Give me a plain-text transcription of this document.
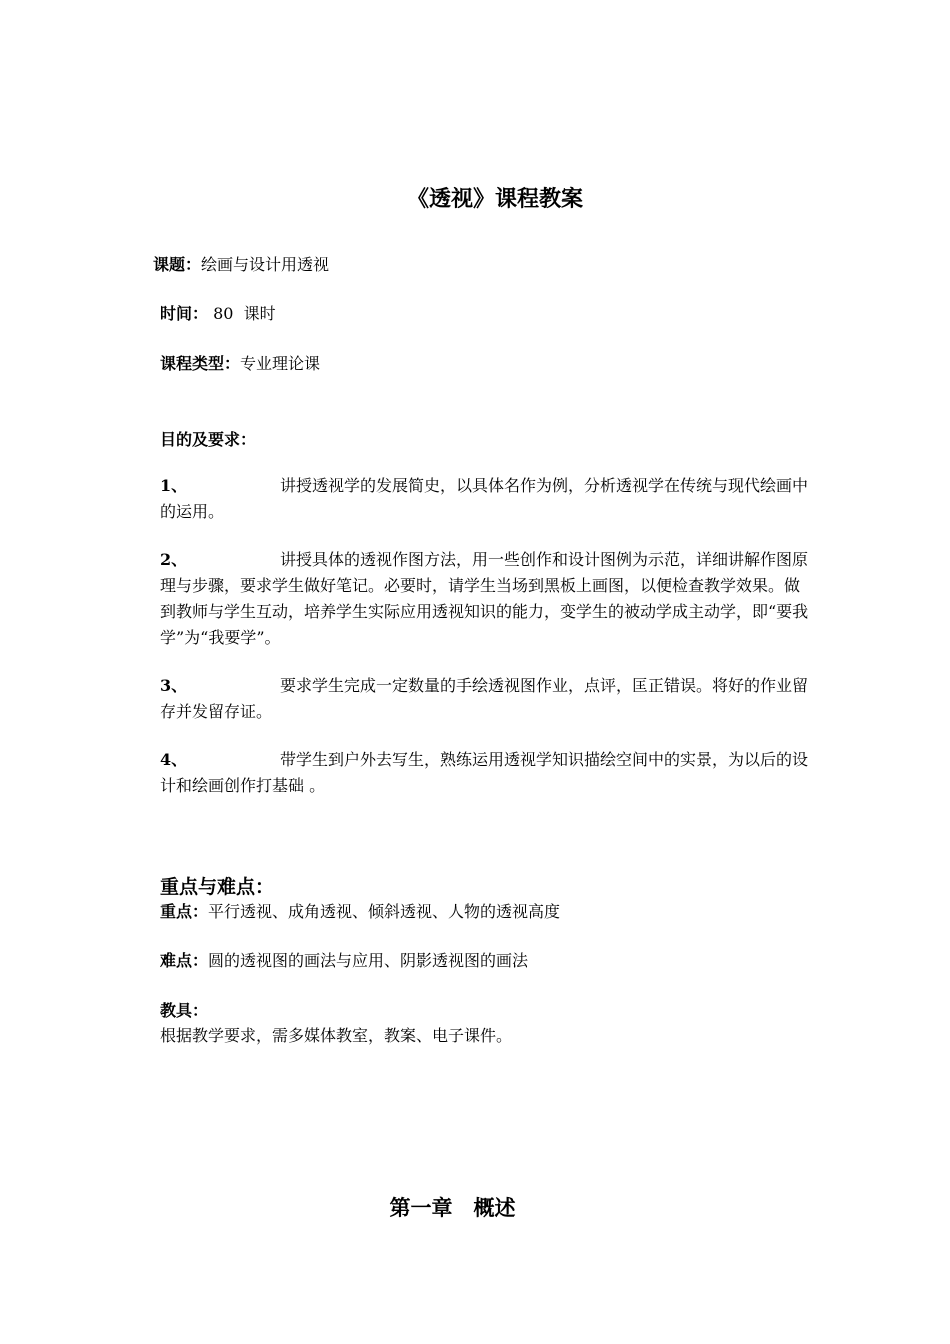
《透视》课程教案
课题：绘画与设计用透视
时间： 80  课时
课程类型：专业理论课
目的及要求：
1、	讲授透视学的发展简史，以具体名作为例，分析透视学在传统与现代绘画中的运用。
2、	讲授具体的透视作图方法，用一些创作和设计图例为示范，详细讲解作图原理与步骤，要求学生做好笔记。必要时，请学生当场到黑板上画图，以便检查教学效果。做到教师与学生互动，培养学生实际应用透视知识的能力，变学生的被动学成主动学，即“要我学”为“我要学”。
3、	要求学生完成一定数量的手绘透视图作业，点评，匡正错误。将好的作业留存并发留存证。
4、	带学生到户外去写生，熟练运用透视学知识描绘空间中的实景，为以后的设计和绘画创作打基础 。
重点与难点：
重点：平行透视、成角透视、倾斜透视、人物的透视高度
难点：圆的透视图的画法与应用、阴影透视图的画法
教具：
根据教学要求，需多媒体教室，教案、电子课件。
第一章　概述
